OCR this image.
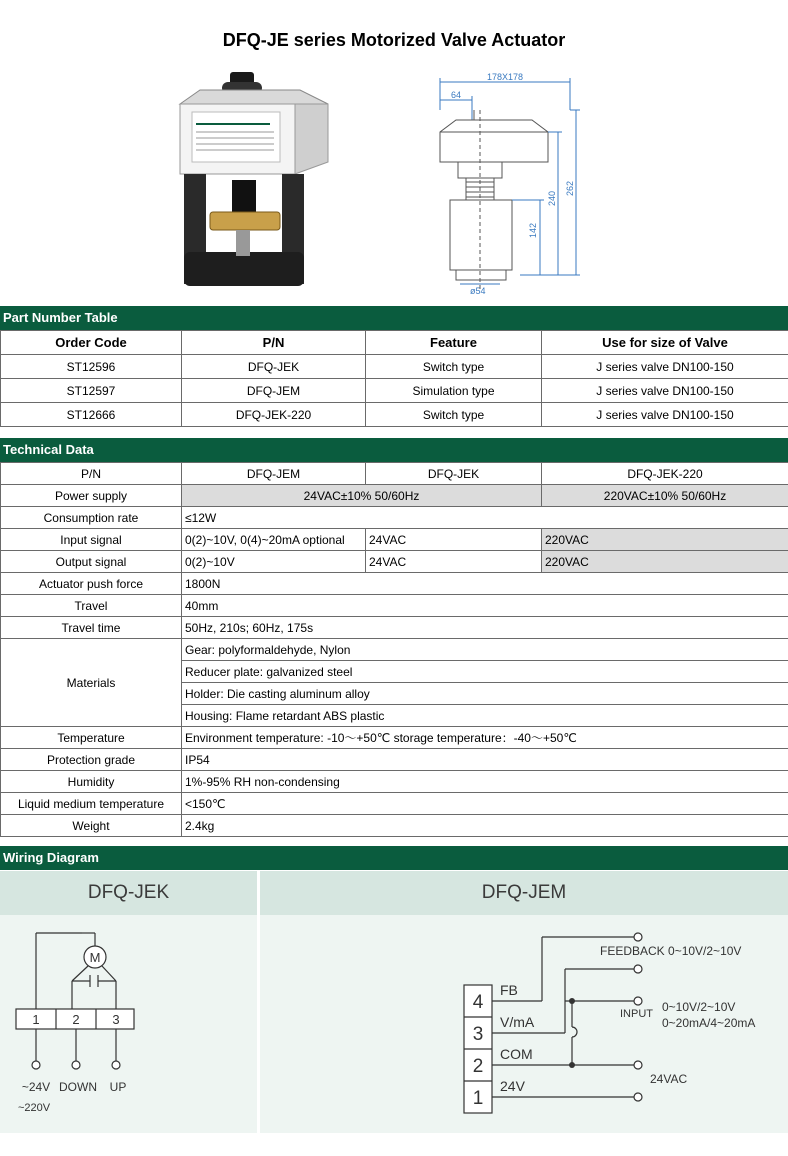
DFQ-JE series Motorized Valve Actuator
178X178
64
142
240
262
ø54
Part Number Table
Order Code	P/N	Feature	Use for size of Valve
ST12596	DFQ-JEK	Switch type	J series valve DN100-150
ST12597	DFQ-JEM	Simulation type	J series valve DN100-150
ST12666	DFQ-JEK-220	Switch type	J series valve DN100-150
Technical Data
P/N	DFQ-JEM	DFQ-JEK	DFQ-JEK-220
Power supply	24VAC±10% 50/60Hz		220VAC±10% 50/60Hz
Consumption rate	≤12W		
Input signal	0(2)~10V, 0(4)~20mA optional	24VAC	220VAC
Output signal	0(2)~10V	24VAC	220VAC
Actuator push force	1800N		
Travel	40mm		
Travel time	50Hz, 210s; 60Hz, 175s		
Materials	Gear: polyformaldehyde, Nylon		
	Reducer plate: galvanized steel		
	Holder: Die casting aluminum alloy		
	Housing: Flame retardant ABS plastic		
Temperature	Environment temperature: -10～+50℃ storage temperature：-40～+50℃		
Protection grade	IP54		
Humidity	1%-95% RH non-condensing		
Liquid medium temperature	<150℃		
Weight	2.4kg		
Wiring Diagram
DFQ-JEK	DFQ-JEM
M
1	2	3
~24V DOWN UP
~220V
4
3
2
1
FB
V/mA
COM
24V
FEEDBACK 0~10V/2~10V
INPUT 0~10V/2~10V
0~20mA/4~20mA
24VAC
